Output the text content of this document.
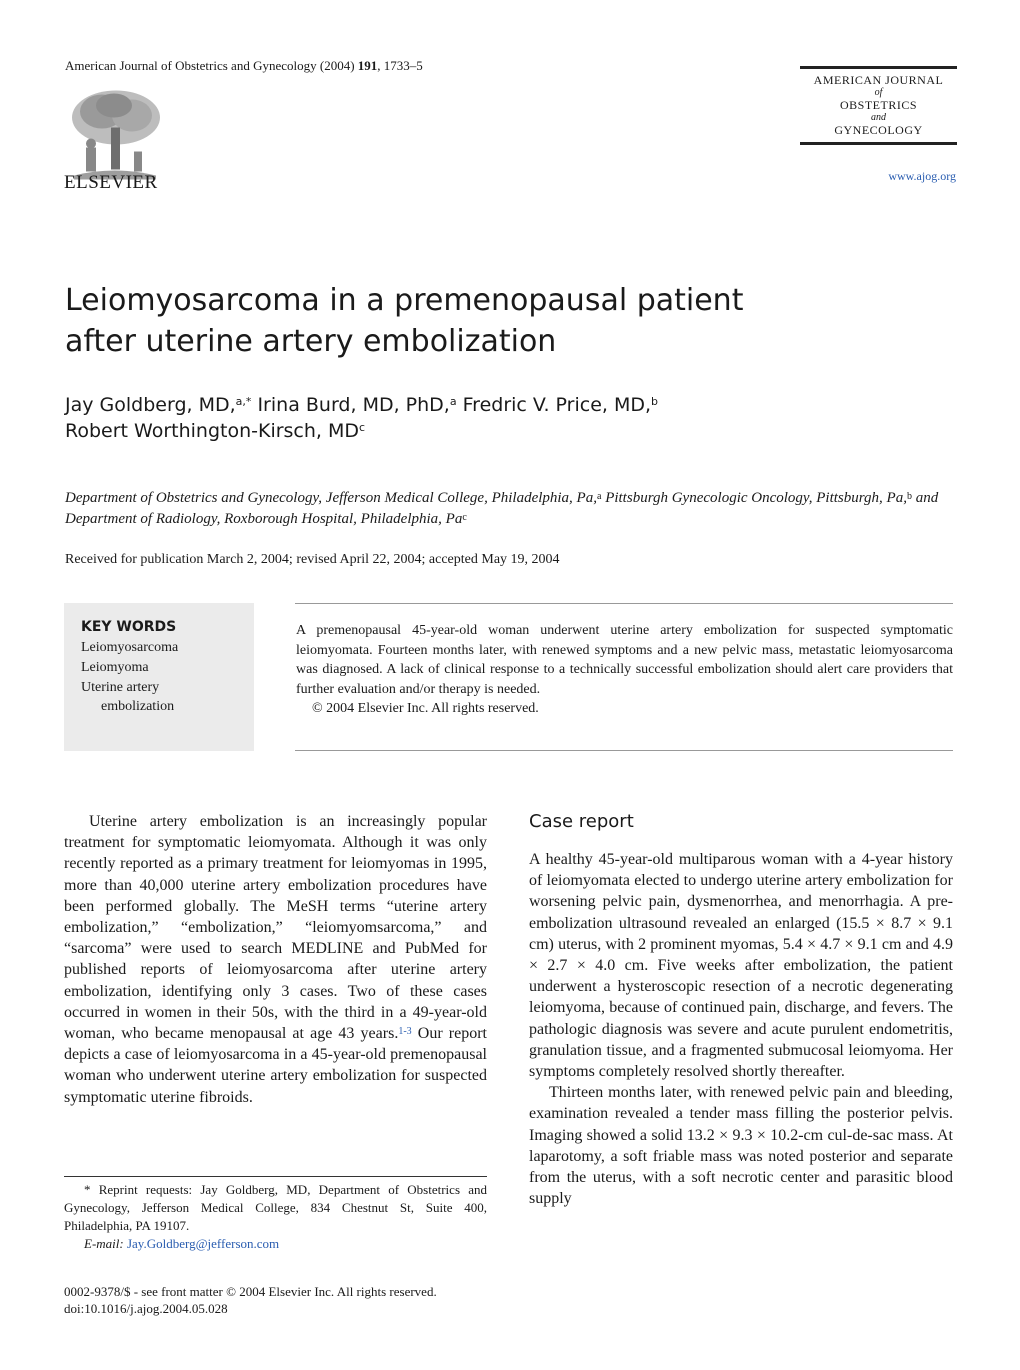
American Journal of Obstetrics and Gynecology (2004) 191, 1733–5
ELSEVIER
AMERICAN JOURNAL
of
OBSTETRICS
and
GYNECOLOGY
www.ajog.org
Leiomyosarcoma in a premenopausal patient
after uterine artery embolization
Jay Goldberg, MD,$^{a,*}$ Irina Burd, MD, PhD,$^a$ Fredric V. Price, MD,$^b$
Robert Worthington-Kirsch, $MD^c$
Department of Obstetrics and Gynecology, Jefferson Medical College, Philadelphia, Pa,$^a$ Pittsburgh Gynecologic Oncology, Pittsburgh, Pa,$^b$ and Department of Radiology, Roxborough Hospital, Philadelphia, Pa$^c$
Received for publication March 2, 2004; revised April 22, 2004; accepted May 19, 2004
KEY WORDS
Leiomyosarcoma
Leiomyoma
Uterine artery
embolization
A premenopausal 45-year-old woman underwent uterine artery embolization for suspected symptomatic leiomyomata. Fourteen months later, with renewed symptoms and a new pelvic mass, metastatic leiomyosarcoma was diagnosed. A lack of clinical response to a technically successful embolization should alert care providers that further evaluation and/or therapy is needed.
© 2004 Elsevier Inc. All rights reserved.

Uterine artery embolization is an increasingly popular treatment for symptomatic leiomyomata. Although it was only recently reported as a primary treatment for leiomyomas in 1995, more than 40,000 uterine artery embolization procedures have been performed globally. The MeSH terms “uterine artery embolization,” “embolization,” “leiomyomsarcoma,” and “sarcoma” were used to search MEDLINE and PubMed for published reports of leiomyosarcoma after uterine artery embolization, identifying only 3 cases. Two of these cases occurred in women in their 50s, with the third in a 49-year-old woman, who became menopausal at age 43 years.$^{1-3}$ Our report depicts a case of leiomyosarcoma in a 45-year-old premenopausal woman who underwent uterine artery embolization for suspected symptomatic uterine fibroids.

* Reprint requests: Jay Goldberg, MD, Department of Obstetrics and Gynecology, Jefferson Medical College, 834 Chestnut St, Suite 400, Philadelphia, PA 19107.

E-mail: Jay.Goldberg@jefferson.com

0002-9378/$ - see front matter © 2004 Elsevier Inc. All rights reserved.
doi:10.1016/j.ajog.2004.05.028
Case report

A healthy 45-year-old multiparous woman with a 4-year history of leiomyomata elected to undergo uterine artery embolization for worsening pelvic pain, dysmenorrhea, and menorrhagia. A pre-embolization ultrasound revealed an enlarged (15.5 × 8.7 × 9.1 cm) uterus, with 2 prominent myomas, 5.4 × 4.7 × 9.1 cm and 4.9 × 2.7 × 4.0 cm. Five weeks after embolization, the patient underwent a hysteroscopic resection of a necrotic degenerating leiomyoma, because of continued pain, discharge, and fevers. The pathologic diagnosis was severe and acute purulent endometritis, granulation tissue, and a fragmented submucosal leiomyoma. Her symptoms completely resolved shortly thereafter.

Thirteen months later, with renewed pelvic pain and bleeding, examination revealed a tender mass filling the posterior pelvis. Imaging showed a solid 13.2 × 9.3 × 10.2-cm cul-de-sac mass. At laparotomy, a soft friable mass was noted posterior and separate from the uterus, with a soft necrotic center and parasitic blood supply
